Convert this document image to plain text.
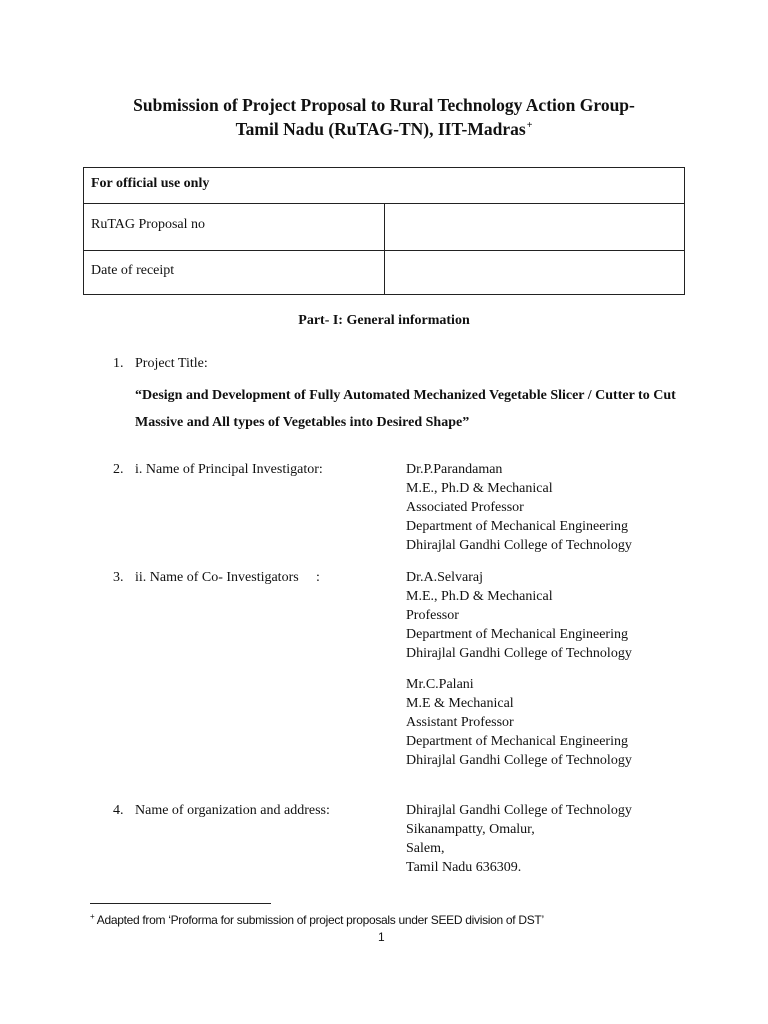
Submission of Project Proposal to Rural Technology Action Group-
Tamil Nadu (RuTAG-TN), IIT-Madras+
For official use only
RuTAG Proposal no
Date of receipt
Part- I: General information
1. Project Title:
“Design and Development of Fully Automated Mechanized Vegetable Slicer / Cutter to Cut
Massive and All types of Vegetables into Desired Shape”
2. i. Name of Principal Investigator:	Dr.P.Parandaman
M.E., Ph.D & Mechanical
Associated Professor
Department of Mechanical Engineering
Dhirajlal Gandhi College of Technology
3. ii. Name of Co- Investigators :	Dr.A.Selvaraj
M.E., Ph.D & Mechanical
Professor
Department of Mechanical Engineering
Dhirajlal Gandhi College of Technology
Mr.C.Palani
M.E & Mechanical
Assistant Professor
Department of Mechanical Engineering
Dhirajlal Gandhi College of Technology
4. Name of organization and address:	Dhirajlal Gandhi College of Technology
Sikanampatty, Omalur,
Salem,
Tamil Nadu 636309.
+ Adapted from ‘Proforma for submission of project proposals under SEED division of DST’
1
